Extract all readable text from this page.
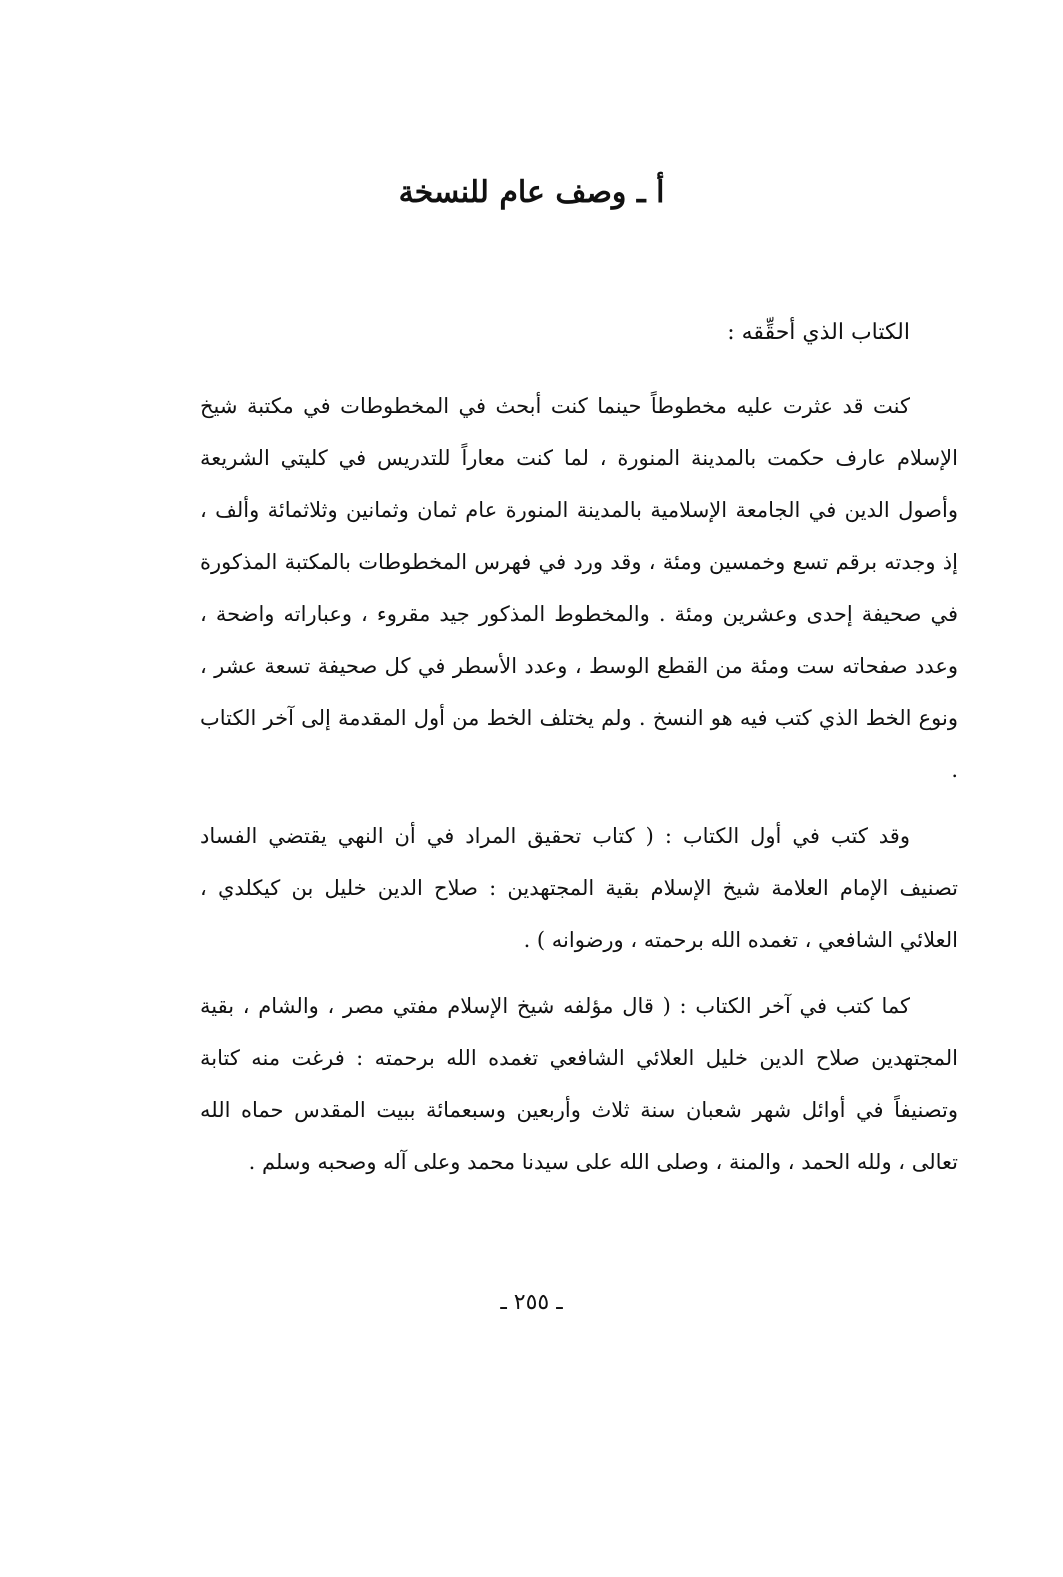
أ ـ وصف عام للنسخة

الكتاب الذي أحقِّقه :

كنت قد عثرت عليه مخطوطاً حينما كنت أبحث في المخطوطات في مكتبة شيخ الإسلام عارف حكمت بالمدينة المنورة ، لما كنت معاراً للتدريس في كليتي الشريعة وأصول الدين في الجامعة الإسلامية بالمدينة المنورة عام ثمان وثمانين وثلاثمائة وألف ، إذ وجدته برقم تسع وخمسين ومئة ، وقد ورد في فهرس المخطوطات بالمكتبة المذكورة في صحيفة إحدى وعشرين ومئة . والمخطوط المذكور جيد مقروء ، وعباراته واضحة ، وعدد صفحاته ست ومئة من القطع الوسط ، وعدد الأسطر في كل صحيفة تسعة عشر ، ونوع الخط الذي كتب فيه هو النسخ . ولم يختلف الخط من أول المقدمة إلى آخر الكتاب .

وقد كتب في أول الكتاب : ( كتاب تحقيق المراد في أن النهي يقتضي الفساد تصنيف الإمام العلامة شيخ الإسلام بقية المجتهدين : صلاح الدين خليل بن كيكلدي ، العلائي الشافعي ، تغمده الله برحمته ، ورضوانه ) .

كما كتب في آخر الكتاب : ( قال مؤلفه شيخ الإسلام مفتي مصر ، والشام ، بقية المجتهدين صلاح الدين خليل العلائي الشافعي تغمده الله برحمته : فرغت منه كتابة وتصنيفاً في أوائل شهر شعبان سنة ثلاث وأربعين وسبعمائة ببيت المقدس حماه الله تعالى ، ولله الحمد ، والمنة ، وصلى الله على سيدنا محمد وعلى آله وصحبه وسلم .

ـ ٢٥٥ ـ
